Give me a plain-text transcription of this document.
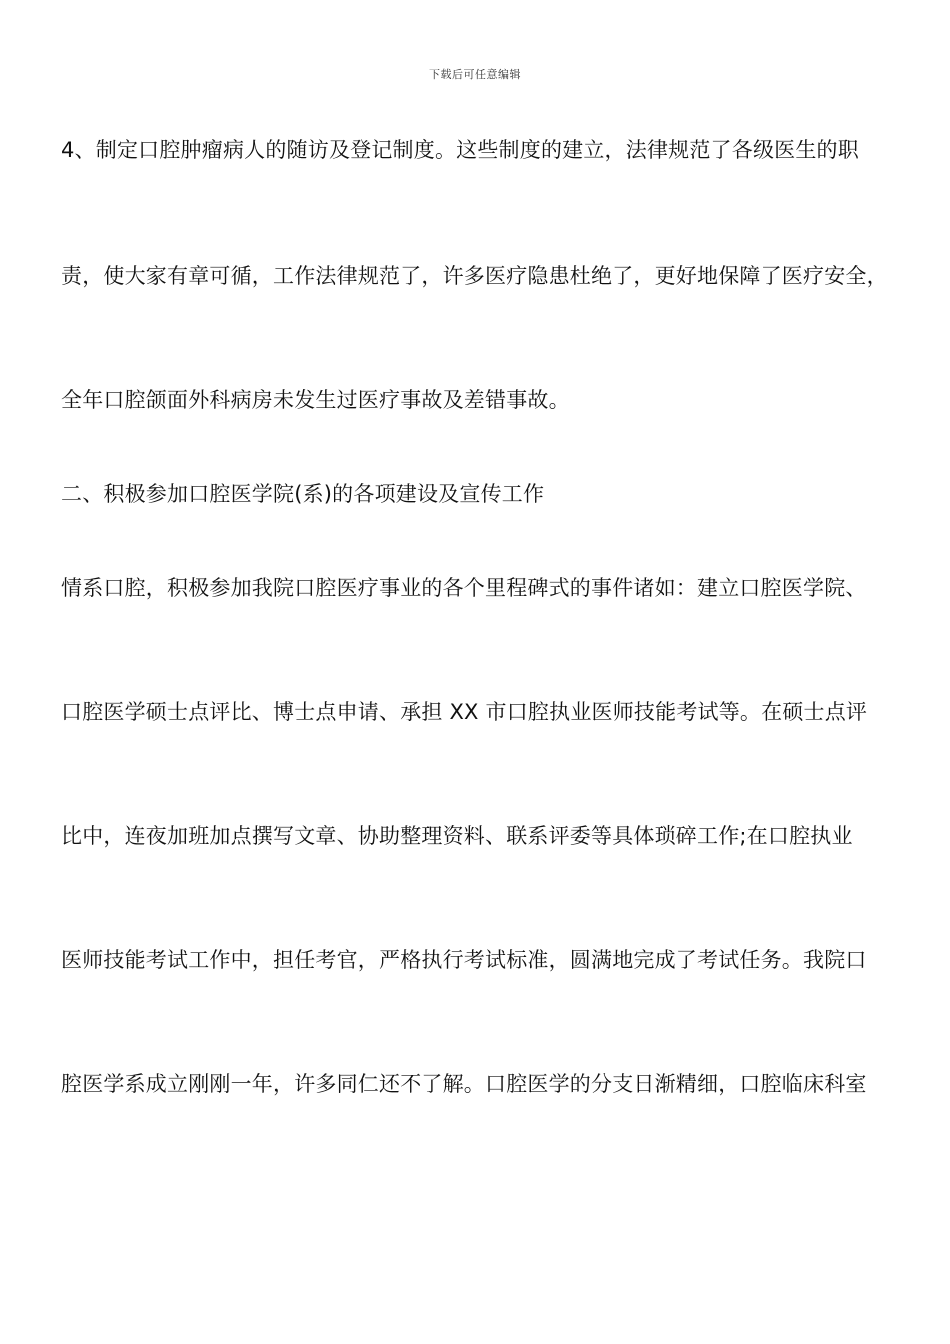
下载后可任意编辑
4、制定口腔肿瘤病人的随访及登记制度。这些制度的建立，法律规范了各级医生的职
责，使大家有章可循，工作法律规范了，许多医疗隐患杜绝了，更好地保障了医疗安全，
全年口腔颌面外科病房未发生过医疗事故及差错事故。
二、积极参加口腔医学院(系)的各项建设及宣传工作
情系口腔，积极参加我院口腔医疗事业的各个里程碑式的事件诸如：建立口腔医学院、
口腔医学硕士点评比、博士点申请、承担 XX 市口腔执业医师技能考试等。在硕士点评
比中，连夜加班加点撰写文章、协助整理资料、联系评委等具体琐碎工作;在口腔执业
医师技能考试工作中，担任考官，严格执行考试标准，圆满地完成了考试任务。我院口
腔医学系成立刚刚一年，许多同仁还不了解。口腔医学的分支日渐精细，口腔临床科室
